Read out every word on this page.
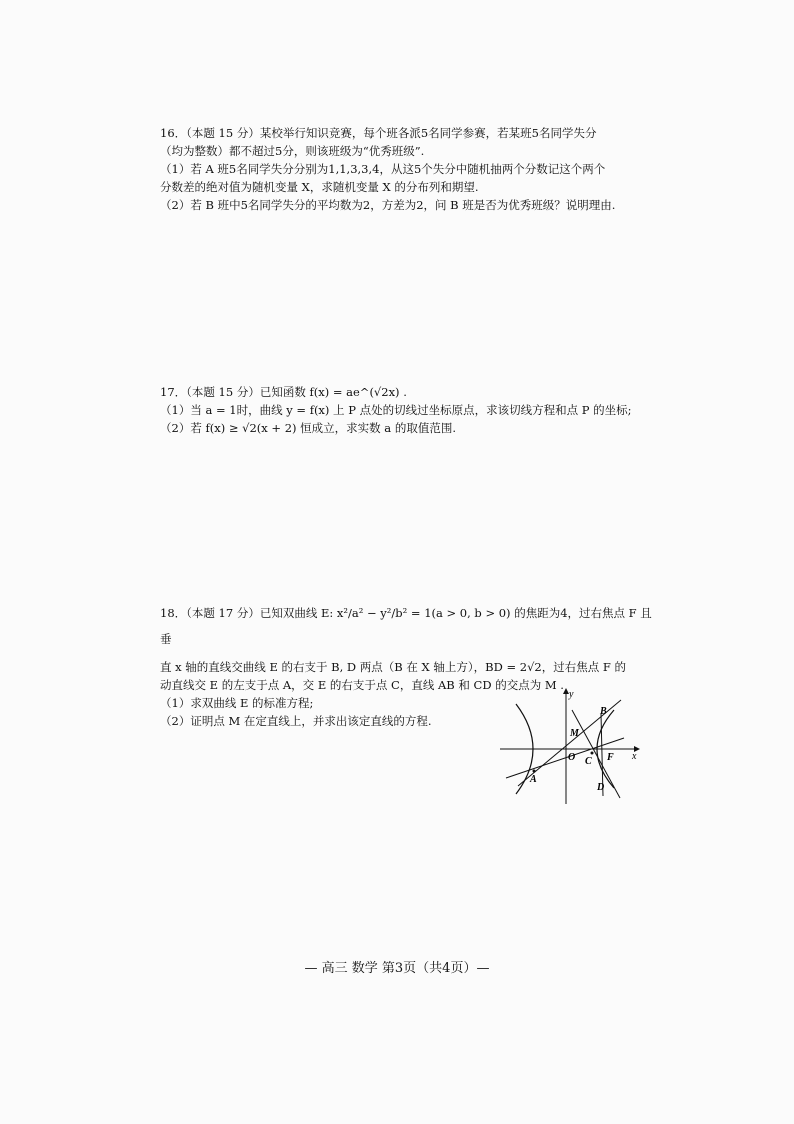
16．（本题 15 分）某校举行知识竞赛，每个班各派5名同学参赛，若某班5名同学失分

（均为整数）都不超过5分，则该班级为“优秀班级”.

（1）若 A 班5名同学失分分别为1,1,3,3,4，从这5个失分中随机抽两个分数记这个两个

分数差的绝对值为随机变量 X，求随机变量 X 的分布列和期望.

（2）若 B 班中5名同学失分的平均数为2，方差为2，问 B 班是否为优秀班级？说明理由.

17．（本题 15 分）已知函数 f(x) = ae^(√2x) .

（1）当 a = 1时，曲线 y = f(x) 上 P 点处的切线过坐标原点，求该切线方程和点 P 的坐标;

（2）若 f(x) ≥ √2(x + 2) 恒成立，求实数 a 的取值范围.

18．（本题 17 分）已知双曲线 E: x²/a² − y²/b² = 1(a > 0, b > 0) 的焦距为4，过右焦点 F 且垂

直 x 轴的直线交曲线 E 的右支于 B, D 两点（B 在 X 轴上方），BD = 2√2，过右焦点 F 的

动直线交 E 的左支于点 A，交 E 的右支于点 C，直线 AB 和 CD 的交点为 M .

（1）求双曲线 E 的标准方程;

（2）证明点 M 在定直线上，并求出该定直线的方程.

y
x
B
M
O C F
A
D
— 高三 数学 第3页（共4页）—
